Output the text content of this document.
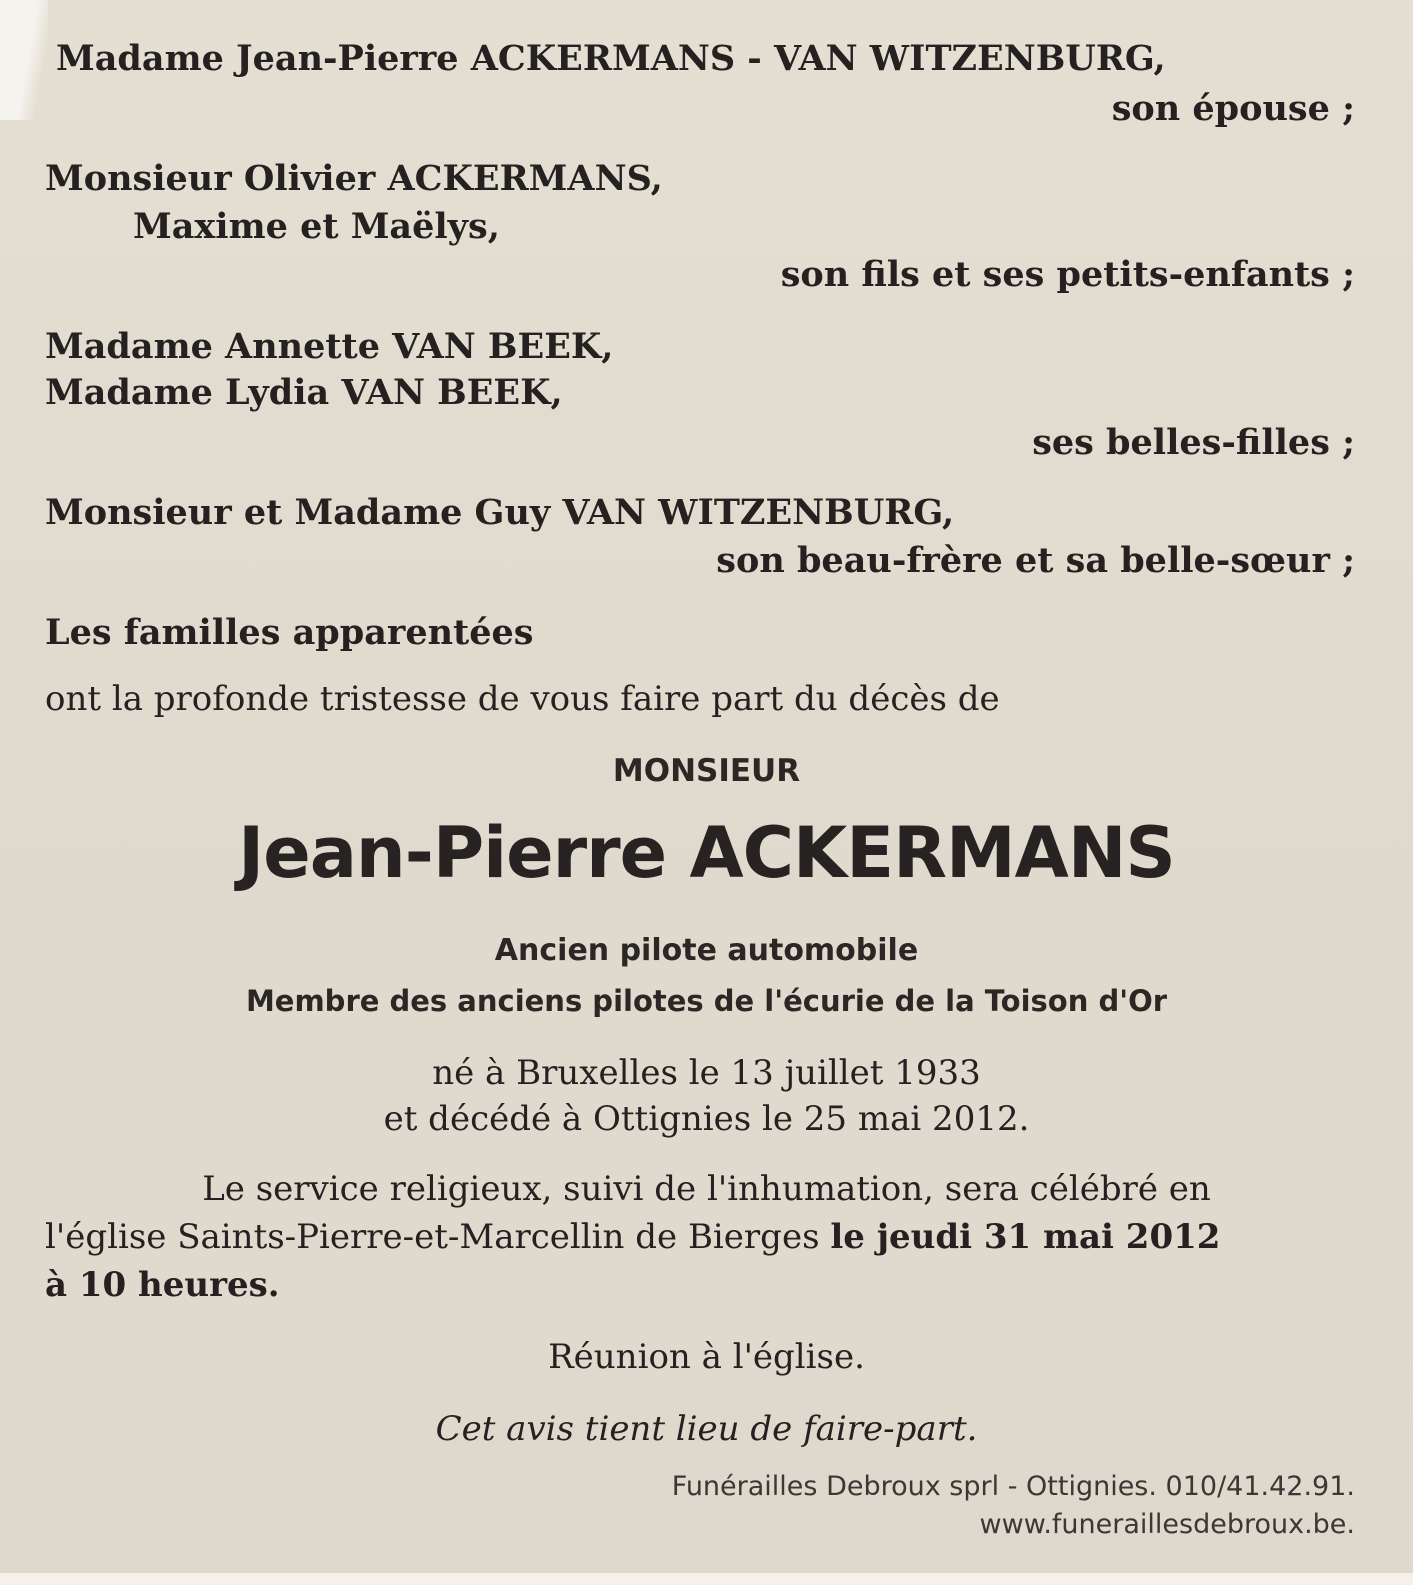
Madame Jean-Pierre ACKERMANS - VAN WITZENBURG,
son épouse ;
Monsieur Olivier ACKERMANS,
Maxime et Maëlys,
son fils et ses petits-enfants ;
Madame Annette VAN BEEK,
Madame Lydia VAN BEEK,
ses belles-filles ;
Monsieur et Madame Guy VAN WITZENBURG,
son beau-frère et sa belle-sœur ;
Les familles apparentées
ont la profonde tristesse de vous faire part du décès de
MONSIEUR
Jean-Pierre ACKERMANS
Ancien pilote automobile
Membre des anciens pilotes de l'écurie de la Toison d'Or
né à Bruxelles le 13 juillet 1933
et décédé à Ottignies le 25 mai 2012.
Le service religieux, suivi de l'inhumation, sera célébré en
l'église Saints-Pierre-et-Marcellin de Bierges le jeudi 31 mai 2012
à 10 heures.
Réunion à l'église.
Cet avis tient lieu de faire-part.
Funérailles Debroux sprl - Ottignies. 010/41.42.91.
www.funeraillesdebroux.be.
